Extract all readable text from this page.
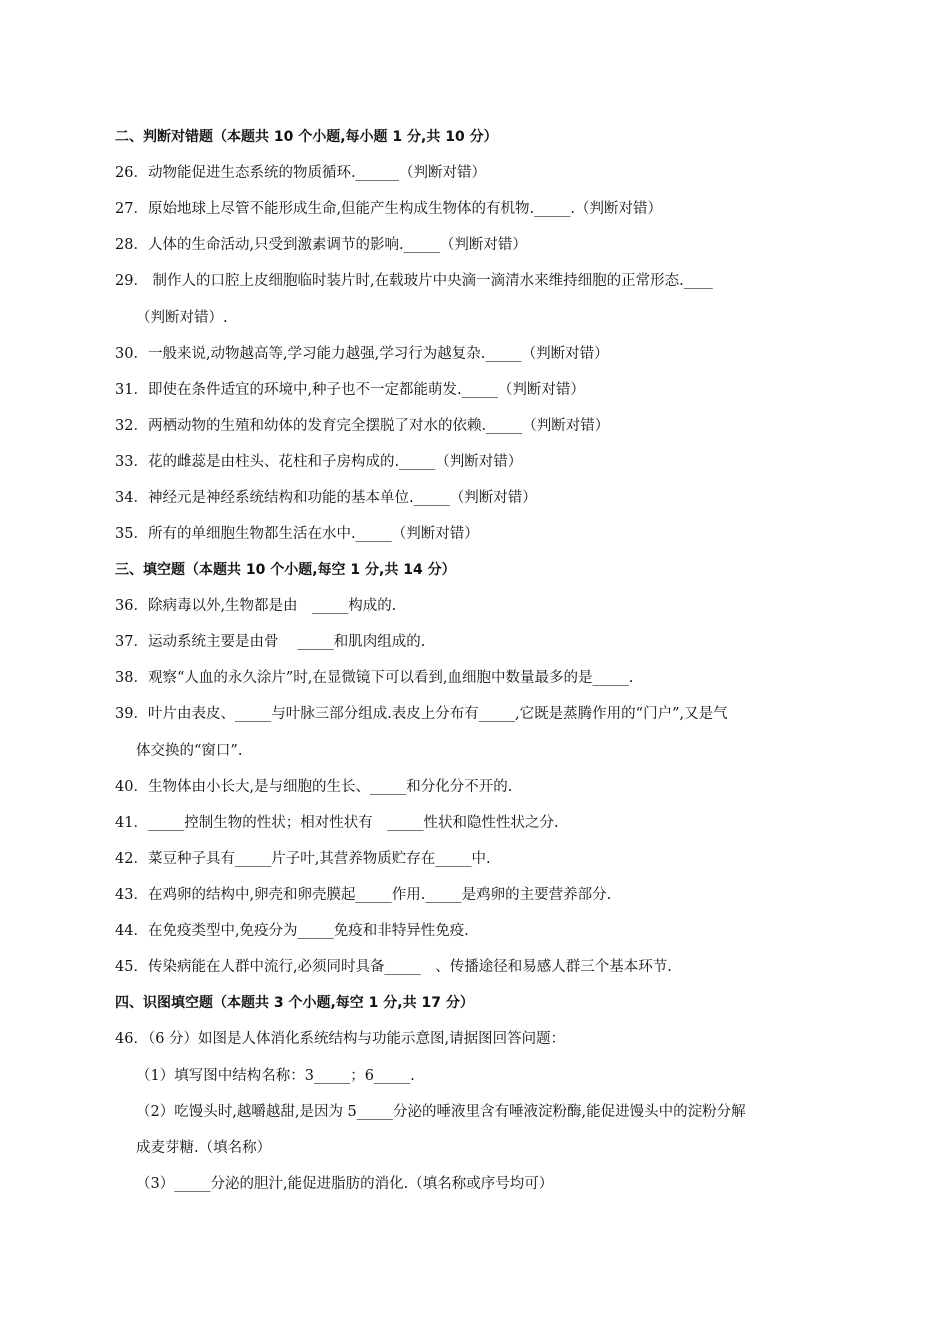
二、判断对错题（本题共 10 个小题,每小题 1 分,共 10 分）
26．动物能促进生态系统的物质循环.______（判断对错）
27．原始地球上尽管不能形成生命,但能产生构成生物体的有机物._____.（判断对错）
28．人体的生命活动,只受到激素调节的影响._____（判断对错）
29． 制作人的口腔上皮细胞临时装片时,在载玻片中央滴一滴清水来维持细胞的正常形态.____
（判断对错）.
30．一般来说,动物越高等,学习能力越强,学习行为越复杂._____（判断对错）
31．即使在条件适宜的环境中,种子也不一定都能萌发._____（判断对错）
32．两栖动物的生殖和幼体的发育完全摆脱了对水的依赖._____（判断对错）
33．花的雌蕊是由柱头、花柱和子房构成的._____（判断对错）
34．神经元是神经系统结构和功能的基本单位._____（判断对错）
35．所有的单细胞生物都生活在水中._____（判断对错）
三、填空题（本题共 10 个小题,每空 1 分,共 14 分）
36．除病毒以外,生物都是由　_____构成的.
37．运动系统主要是由骨　 _____和肌肉组成的.
38．观察“人血的永久涂片”时,在显微镜下可以看到,血细胞中数量最多的是_____.
39．叶片由表皮、_____与叶脉三部分组成.表皮上分布有_____,它既是蒸腾作用的“门户”,又是气
体交换的“窗口”.
40．生物体由小长大,是与细胞的生长、_____和分化分不开的.
41．_____控制生物的性状；相对性状有　_____性状和隐性性状之分.
42．菜豆种子具有_____片子叶,其营养物质贮存在_____中.
43．在鸡卵的结构中,卵壳和卵壳膜起_____作用._____是鸡卵的主要营养部分.
44．在免疫类型中,免疫分为_____免疫和非特异性免疫.
45．传染病能在人群中流行,必须同时具备_____　、传播途径和易感人群三个基本环节.
四、识图填空题（本题共 3 个小题,每空 1 分,共 17 分）
46．（6 分）如图是人体消化系统结构与功能示意图,请据图回答问题：
（1）填写图中结构名称：3_____；6_____.
（2）吃馒头时,越嚼越甜,是因为 5_____分泌的唾液里含有唾液淀粉酶,能促进馒头中的淀粉分解
成麦芽糖.（填名称）
（3）_____分泌的胆汁,能促进脂肪的消化.（填名称或序号均可）
